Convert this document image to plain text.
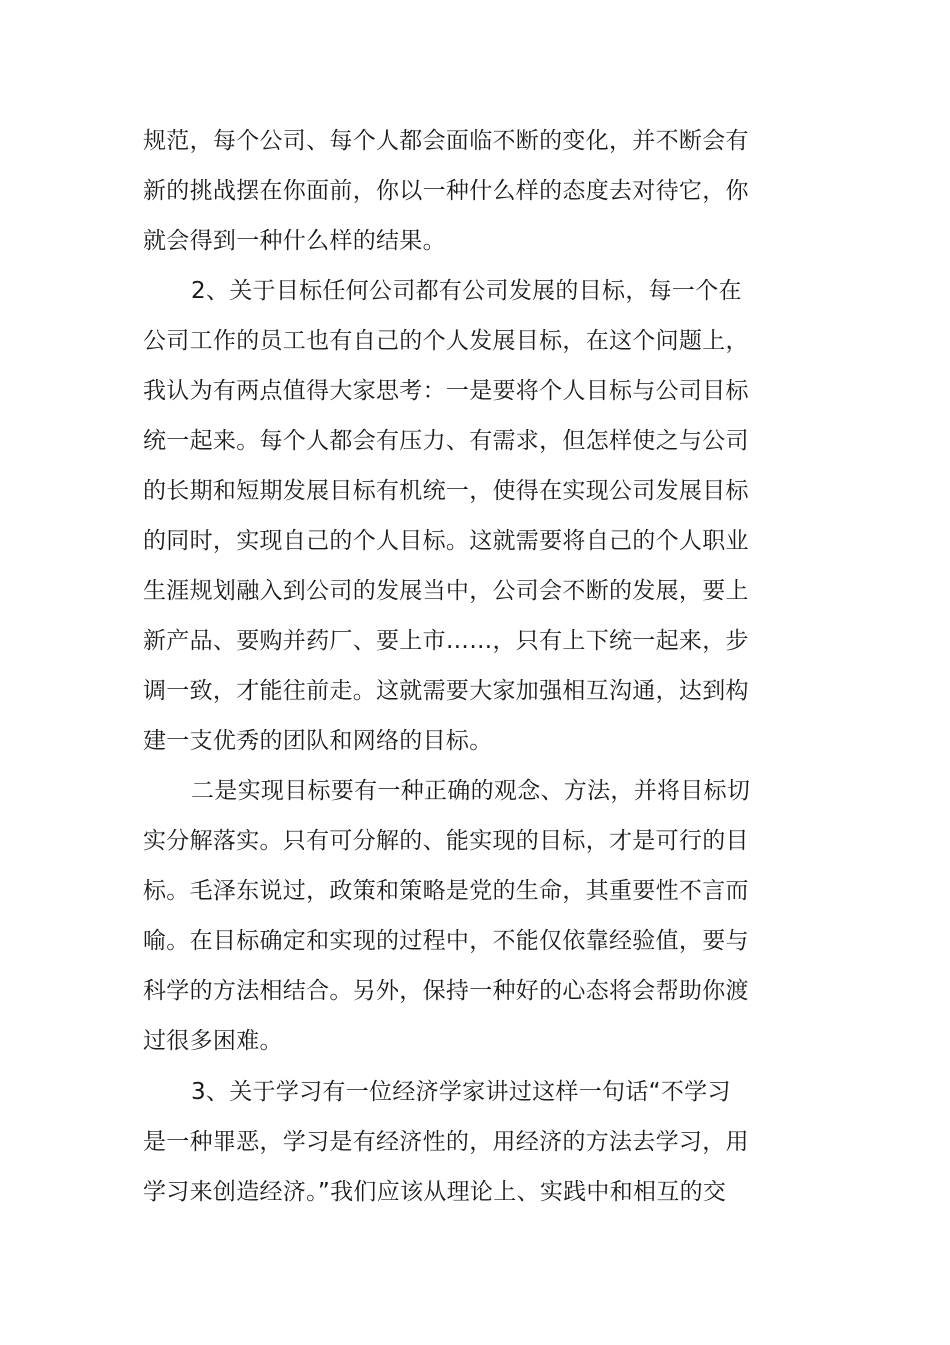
规范，每个公司、每个人都会面临不断的变化，并不断会有
新的挑战摆在你面前，你以一种什么样的态度去对待它，你
就会得到一种什么样的结果。
2、关于目标任何公司都有公司发展的目标，每一个在
公司工作的员工也有自己的个人发展目标，在这个问题上，
我认为有两点值得大家思考：一是要将个人目标与公司目标
统一起来。每个人都会有压力、有需求，但怎样使之与公司
的长期和短期发展目标有机统一，使得在实现公司发展目标
的同时，实现自己的个人目标。这就需要将自己的个人职业
生涯规划融入到公司的发展当中，公司会不断的发展，要上
新产品、要购并药厂、要上市……，只有上下统一起来，步
调一致，才能往前走。这就需要大家加强相互沟通，达到构
建一支优秀的团队和网络的目标。
二是实现目标要有一种正确的观念、方法，并将目标切
实分解落实。只有可分解的、能实现的目标，才是可行的目
标。毛泽东说过，政策和策略是党的生命，其重要性不言而
喻。在目标确定和实现的过程中，不能仅依靠经验值，要与
科学的方法相结合。另外，保持一种好的心态将会帮助你渡
过很多困难。
3、关于学习有一位经济学家讲过这样一句话“不学习
是一种罪恶，学习是有经济性的，用经济的方法去学习，用
学习来创造经济。”我们应该从理论上、实践中和相互的交
